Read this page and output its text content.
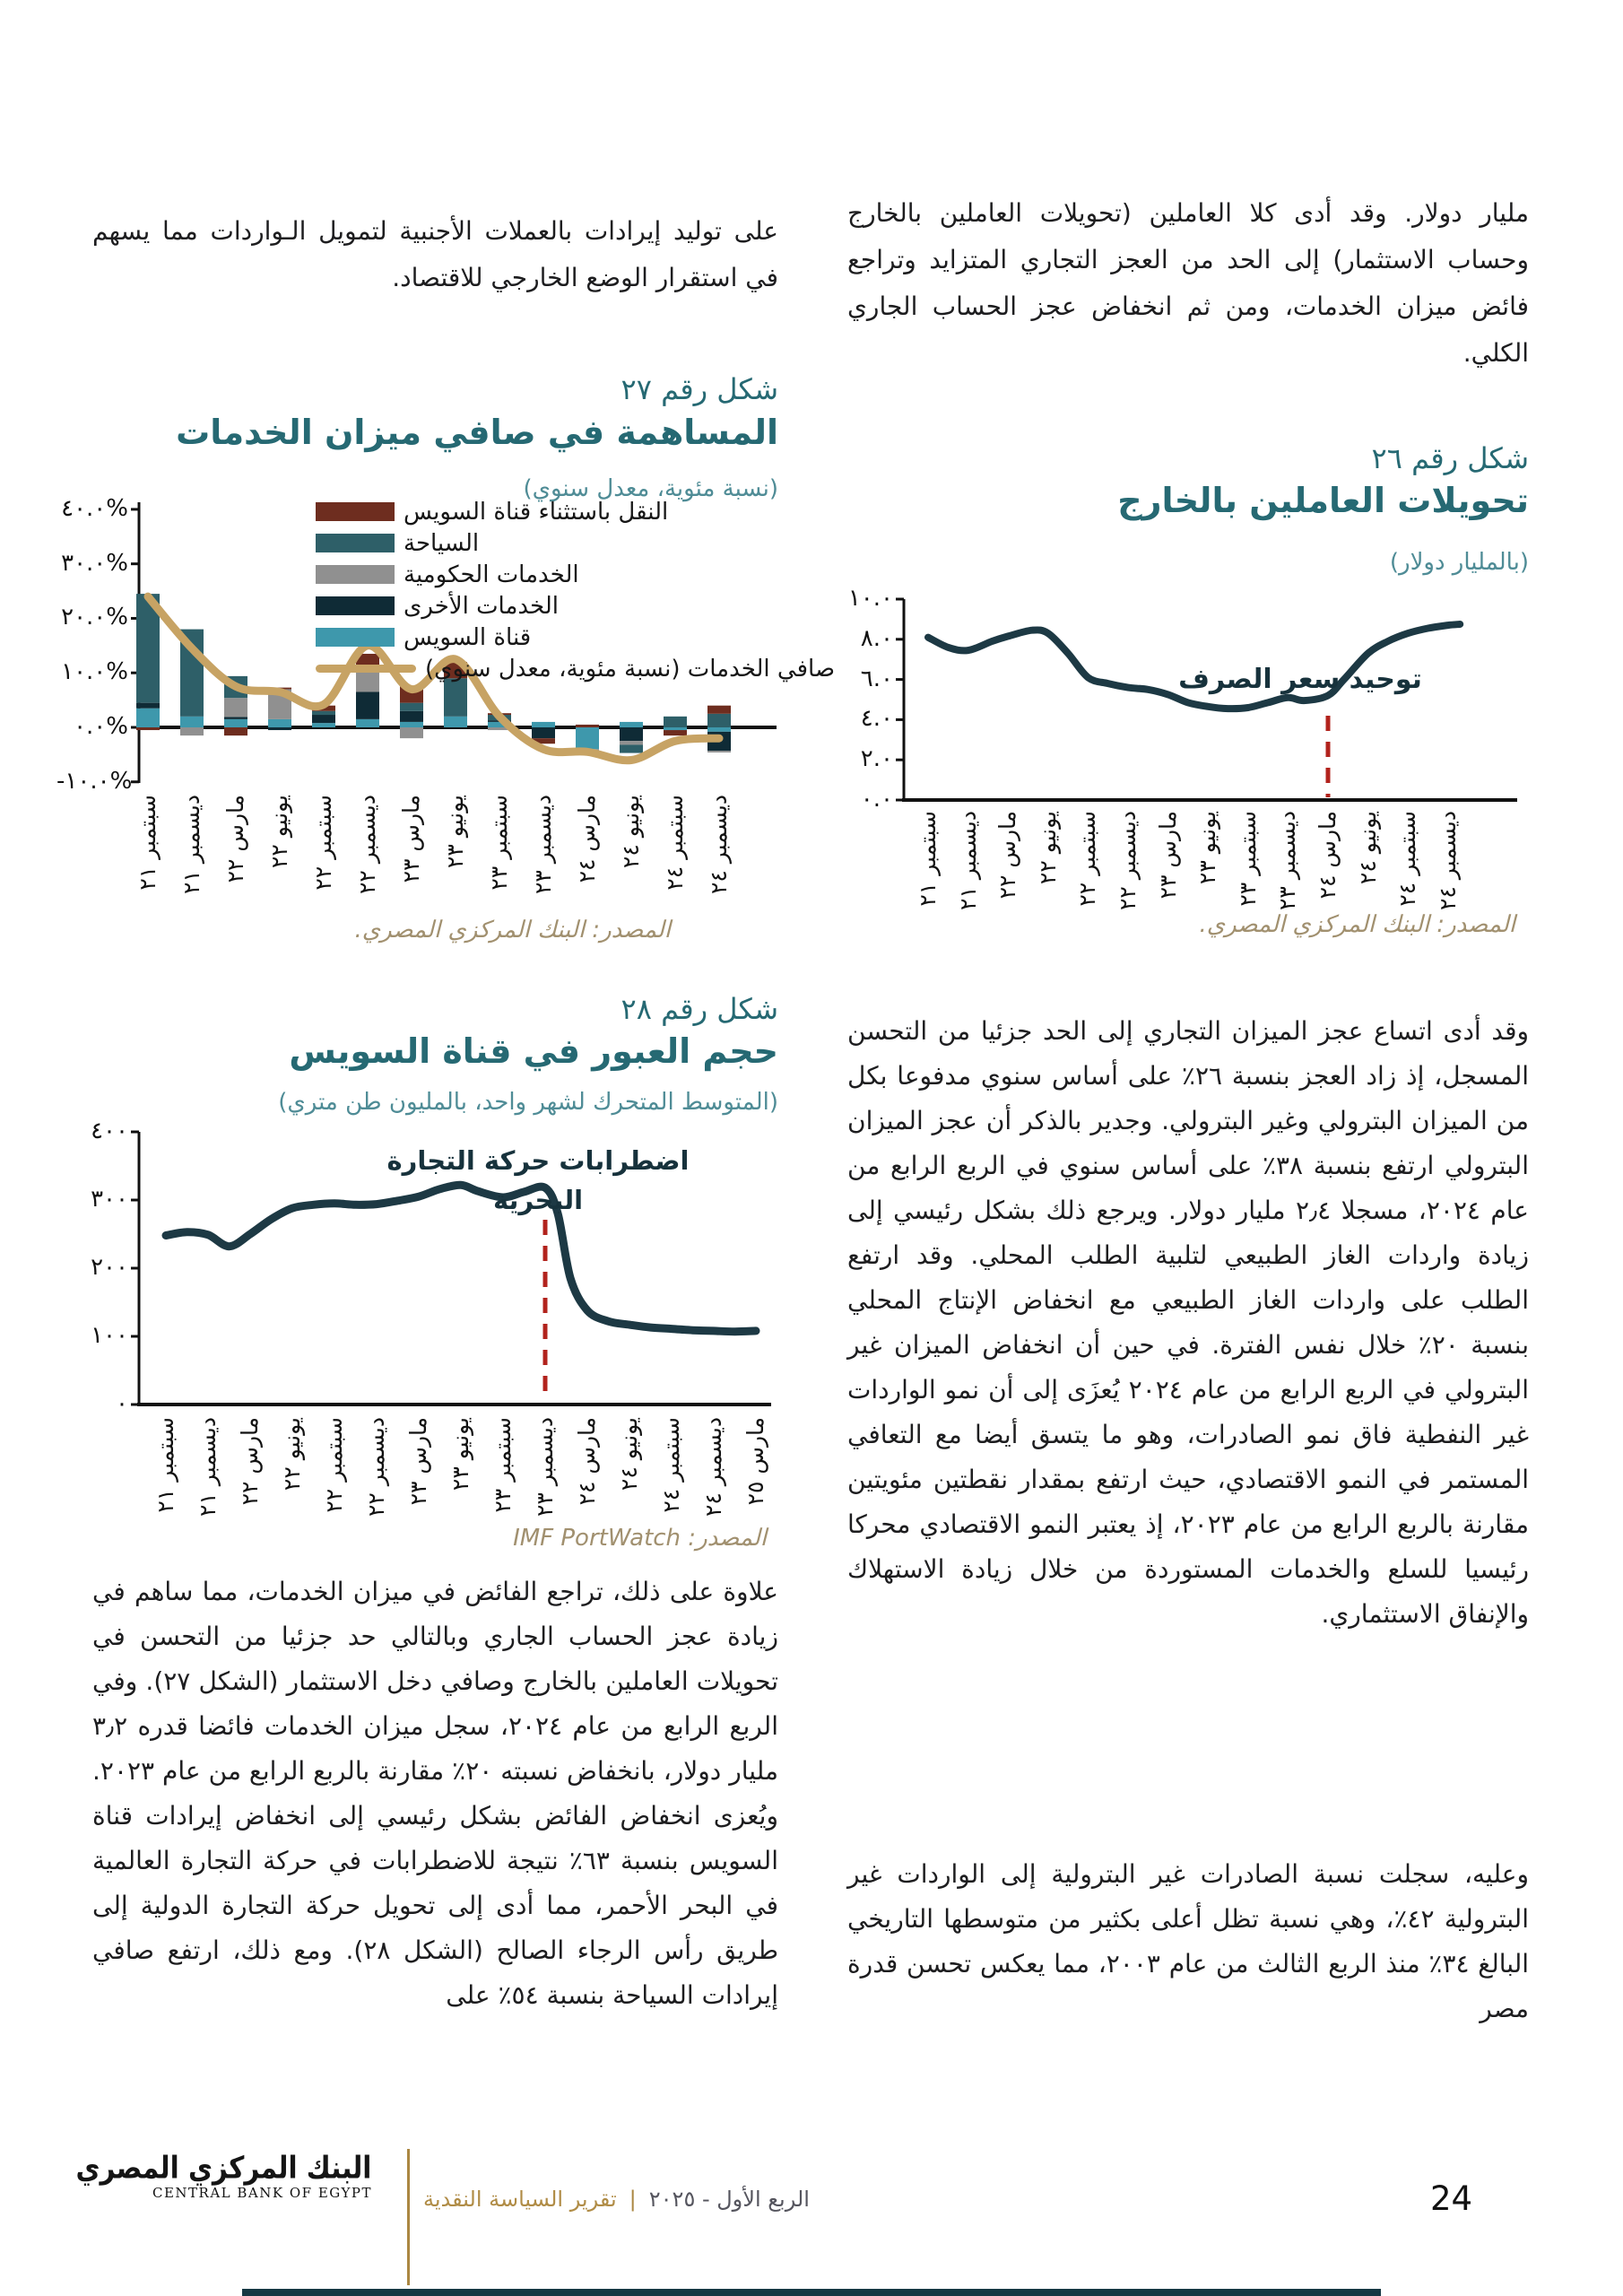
٠.٠
٢.٠
٤.٠
٦.٠
٨.٠
١٠.٠
سبتمبر ٢١
ديسمبر ٢١
مارس ٢٢ يونيو ٢٢
سبتمبر ٢٢
ديسمبر ٢٢
مارس ٢٣ يونيو ٢٣
سبتمبر ٢٣
ديسمبر ٢٣
مارس ٢٤ يونيو ٢٤
سبتمبر ٢٤
ديسمبر ٢٤
-١٠.٠%
٠.٠%
١٠.٠%
٢٠.٠%
٣٠.٠%
٤٠.٠%
سبتمبر ٢١
ديسمبر ٢١
مارس ٢٢ يونيو ٢٢
سبتمبر ٢٢
ديسمبر ٢٢
مارس ٢٣ يونيو ٢٣
سبتمبر ٢٣
ديسمبر ٢٣
مارس ٢٤ يونيو ٢٤
سبتمبر ٢٤
ديسمبر ٢٤
٠
١٠٠
٢٠٠
٣٠٠
٤٠٠
سبتمبر ٢١
ديسمبر ٢١
مارس ٢٢ يونيو ٢٢
سبتمبر ٢٢
ديسمبر ٢٢
مارس ٢٣ يونيو ٢٣
سبتمبر ٢٣
ديسمبر ٢٣
مارس ٢٤ يونيو ٢٤
سبتمبر ٢٤
ديسمبر ٢٤
مارس ٢٥
مليار دولار. وقد أدى كلا العاملين (تحويلات العاملين بالخارج وحساب الاستثمار) إلى الحد من العجز التجاري المتزايد وتراجع فائض ميزان الخدمات، ومن ثم انخفاض عجز الحساب الجاري الكلي.
شكل رقم ٢٦
تحويلات العاملين بالخارج
(بالمليار دولار)
توحيد سعر الصرف
المصدر: البنك المركزي المصري.
وقد أدى اتساع عجز الميزان التجاري إلى الحد جزئيا من التحسن المسجل، إذ زاد العجز بنسبة ٢٦٪ على أساس سنوي مدفوعا بكل من الميزان البترولي وغير البترولي. وجدير بالذكر أن عجز الميزان البترولي ارتفع بنسبة ٣٨٪ على أساس سنوي في الربع الرابع من عام ٢٠٢٤، مسجلا ٢٫٤ مليار دولار. ويرجع ذلك بشكل رئيسي إلى زيادة واردات الغاز الطبيعي لتلبية الطلب المحلي. وقد ارتفع الطلب على واردات الغاز الطبيعي مع انخفاض الإنتاج المحلي بنسبة ٢٠٪ خلال نفس الفترة. في حين أن انخفاض الميزان غير البترولي في الربع الرابع من عام ٢٠٢٤ يُعزَى إلى أن نمو الواردات غير النفطية فاق نمو الصادرات، وهو ما يتسق أيضا مع التعافي المستمر في النمو الاقتصادي، حيث ارتفع بمقدار نقطتين مئويتين مقارنة بالربع الرابع من عام ٢٠٢٣، إذ يعتبر النمو الاقتصادي محركا رئيسيا للسلع والخدمات المستوردة من خلال زيادة الاستهلاك والإنفاق الاستثماري.
وعليه، سجلت نسبة الصادرات غير البترولية إلى الواردات غير البترولية ٤٢٪، وهي نسبة تظل أعلى بكثير من متوسطها التاريخي البالغ ٣٤٪ منذ الربع الثالث من عام ٢٠٠٣، مما يعكس تحسن قدرة مصر
على توليد إيرادات بالعملات الأجنبية لتمويل الـواردات مما يسهم في استقرار الوضع الخارجي للاقتصاد.
شكل رقم ٢٧
المساهمة في صافي ميزان الخدمات
(نسبة مئوية، معدل سنوي)
النقل باستثناء قناة السويس
السياحة
الخدمات الحكومية
الخدمات الأخرى
قناة السويس
صافي الخدمات (نسبة مئوية، معدل سنوي)
المصدر: البنك المركزي المصري.
شكل رقم ٢٨
حجم العبور في قناة السويس
(المتوسط المتحرك لشهر واحد، بالمليون طن متري)
اضطرابات حركة التجارة البحرية
المصدر: IMF PortWatch
علاوة على ذلك، تراجع الفائض في ميزان الخدمات، مما ساهم في زيادة عجز الحساب الجاري وبالتالي حد جزئيا من التحسن في تحويلات العاملين بالخارج وصافي دخل الاستثمار (الشكل ٢٧). وفي الربع الرابع من عام ٢٠٢٤، سجل ميزان الخدمات فائضا قدره ٣٫٢ مليار دولار، بانخفاض نسبته ٢٠٪ مقارنة بالربع الرابع من عام ٢٠٢٣. ويُعزى انخفاض الفائض بشكل رئيسي إلى انخفاض إيرادات قناة السويس بنسبة ٦٣٪ نتيجة للاضطرابات في حركة التجارة العالمية في البحر الأحمر، مما أدى إلى تحويل حركة التجارة الدولية إلى طريق رأس الرجاء الصالح (الشكل ٢٨). ومع ذلك، ارتفع صافي إيرادات السياحة بنسبة ٥٤٪ على
البنك المركزي المصري
CENTRAL BANK OF EGYPT	تقرير السياسة النقدية | الربع الأول - ٢٠٢٥	24
